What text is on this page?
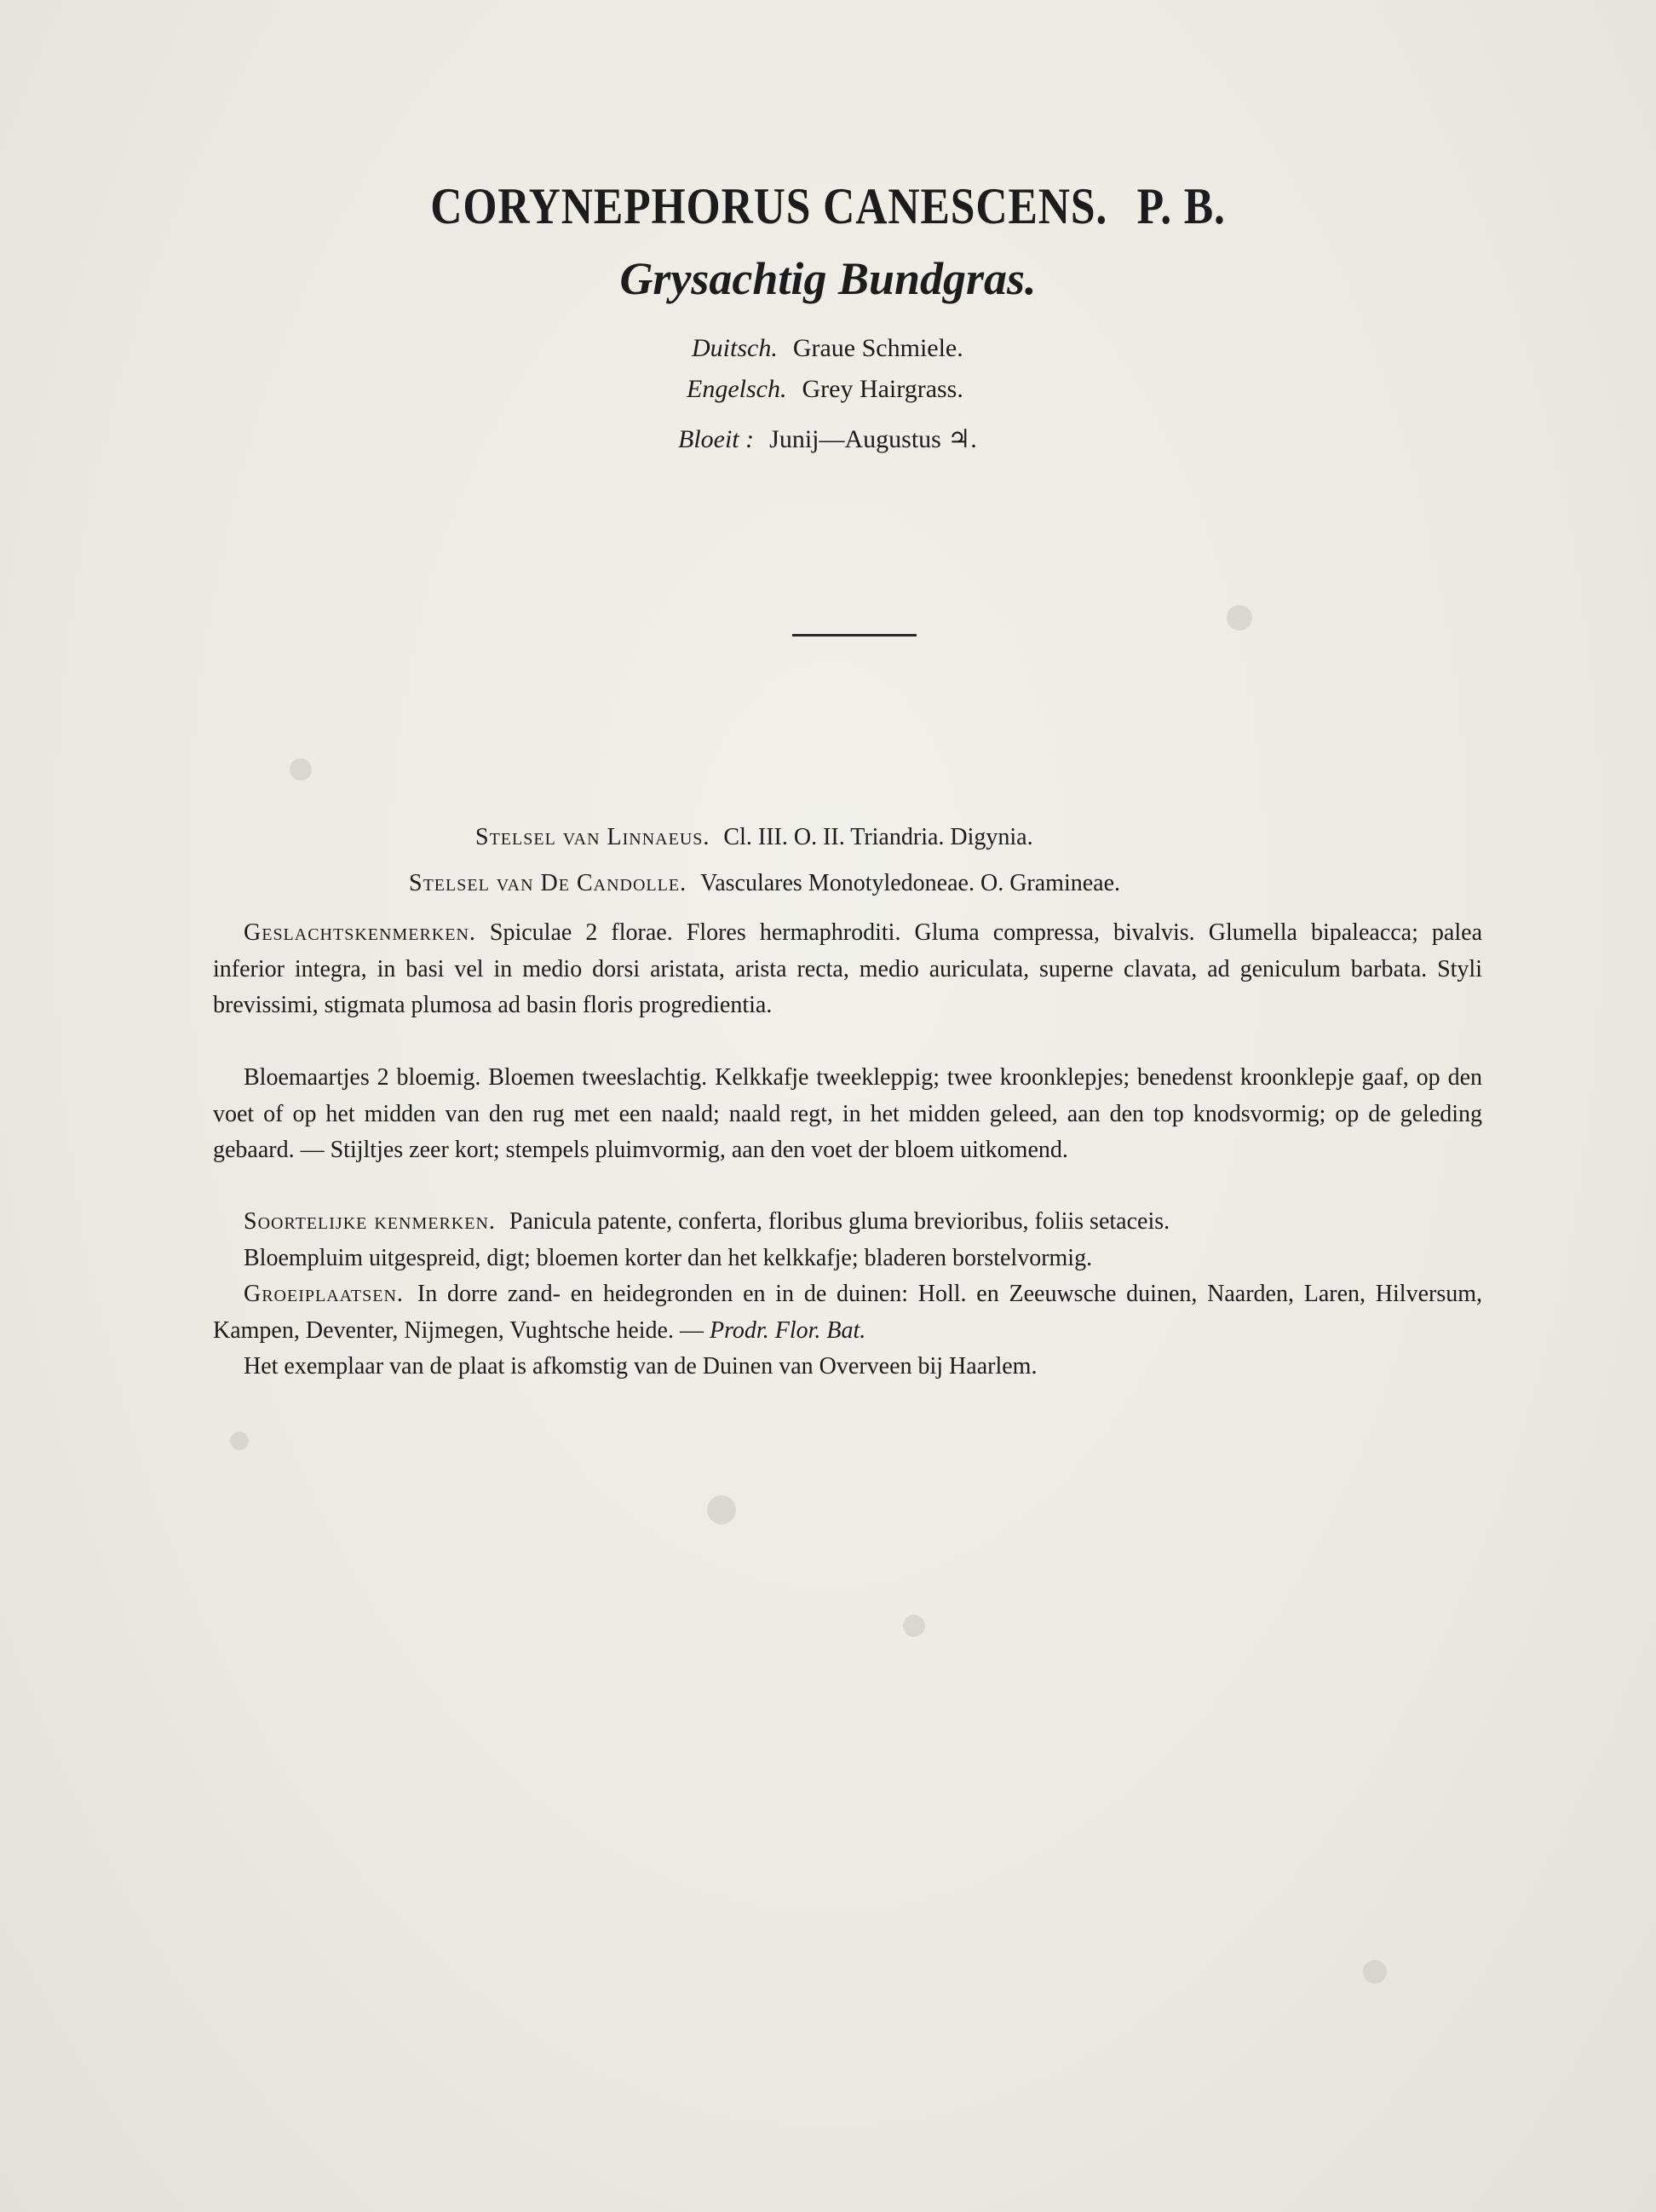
CORYNEPHORUS CANESCENS. P. B.
Grysachtig Bundgras.
Duitsch. Graue Schmiele.
Engelsch. Grey Hairgrass.
Bloeit : Junij—Augustus ♃.
Stelsel van Linnaeus. Cl. III. O. II. Triandria. Digynia.
Stelsel van De Candolle. Vasculares Monotyledoneae. O. Gramineae.
Geslachtskenmerken. Spiculae 2 florae. Flores hermaphroditi. Gluma compressa, bivalvis. Glumella bipaleacca; palea inferior integra, in basi vel in medio dorsi aristata, arista recta, medio auriculata, superne clavata, ad geniculum barbata. Styli brevissimi, stigmata plumosa ad basin floris progredientia.
Bloemaartjes 2 bloemig. Bloemen tweeslachtig. Kelkkafje tweekleppig; twee kroonklepjes; benedenst kroonklepje gaaf, op den voet of op het midden van den rug met een naald; naald regt, in het midden geleed, aan den top knodsvormig; op de geleding gebaard. — Stijltjes zeer kort; stempels pluimvormig, aan den voet der bloem uitkomend.
Soortelijke kenmerken. Panicula patente, conferta, floribus gluma brevioribus, foliis setaceis.
Bloempluim uitgespreid, digt; bloemen korter dan het kelkkafje; bladeren borstelvormig.
Groeiplaatsen. In dorre zand- en heidegronden en in de duinen: Holl. en Zeeuwsche duinen, Naarden, Laren, Hilversum, Kampen, Deventer, Nijmegen, Vughtsche heide. — Prodr. Flor. Bat.
Het exemplaar van de plaat is afkomstig van de Duinen van Overveen bij Haarlem.
